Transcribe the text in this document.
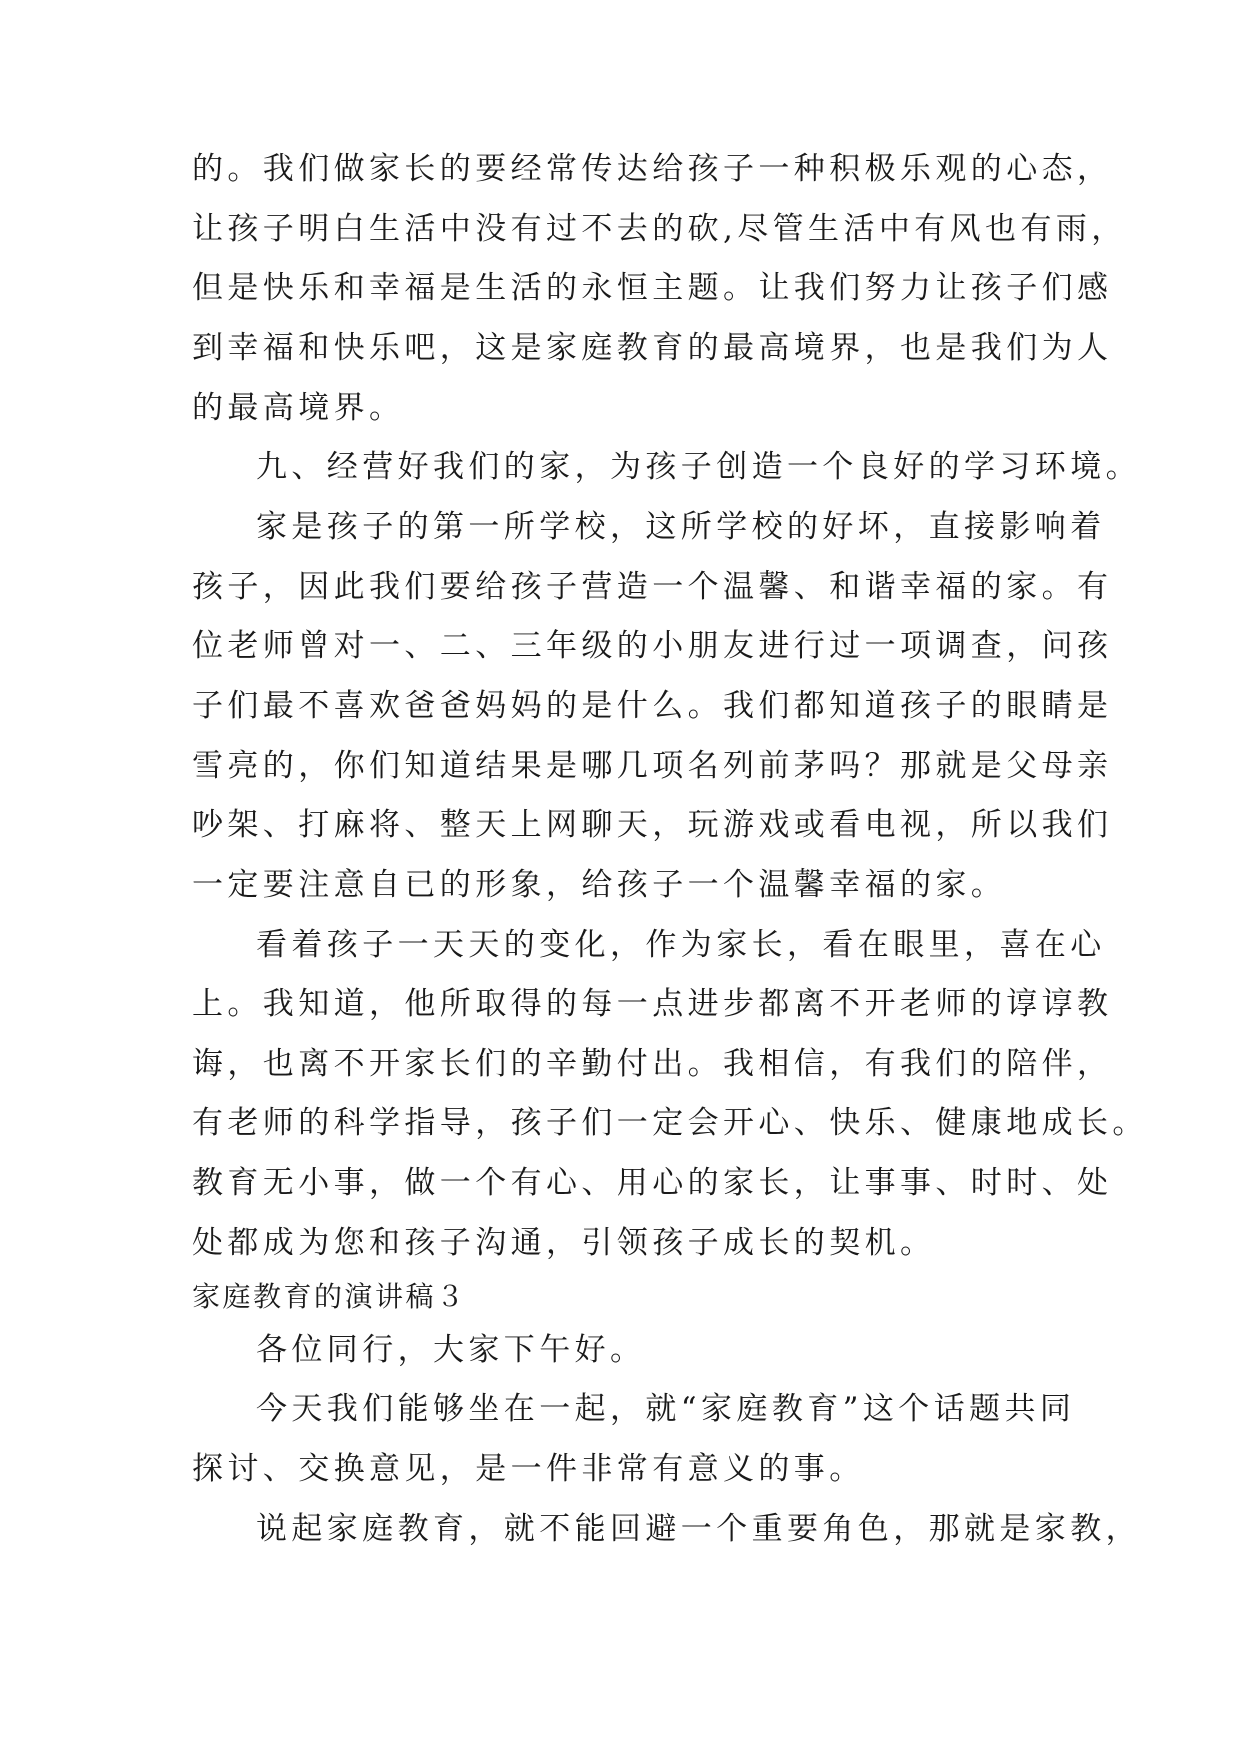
的。我们做家长的要经常传达给孩子一种积极乐观的心态，
让孩子明白生活中没有过不去的砍,尽管生活中有风也有雨，
但是快乐和幸福是生活的永恒主题。让我们努力让孩子们感
到幸福和快乐吧，这是家庭教育的最高境界，也是我们为人
的最高境界。
九、经营好我们的家，为孩子创造一个良好的学习环境。
家是孩子的第一所学校，这所学校的好坏，直接影响着
孩子，因此我们要给孩子营造一个温馨、和谐幸福的家。有
位老师曾对一、二、三年级的小朋友进行过一项调查，问孩
子们最不喜欢爸爸妈妈的是什么。我们都知道孩子的眼睛是
雪亮的，你们知道结果是哪几项名列前茅吗？那就是父母亲
吵架、打麻将、整天上网聊天，玩游戏或看电视，所以我们
一定要注意自已的形象，给孩子一个温馨幸福的家。
看着孩子一天天的变化，作为家长，看在眼里，喜在心
上。我知道，他所取得的每一点进步都离不开老师的谆谆教
诲，也离不开家长们的辛勤付出。我相信，有我们的陪伴，
有老师的科学指导，孩子们一定会开心、快乐、健康地成长。
教育无小事，做一个有心、用心的家长，让事事、时时、处
处都成为您和孩子沟通，引领孩子成长的契机。
家庭教育的演讲稿３
各位同行，大家下午好。
今天我们能够坐在一起，就“家庭教育”这个话题共同
探讨、交换意见，是一件非常有意义的事。
说起家庭教育，就不能回避一个重要角色，那就是家教，
